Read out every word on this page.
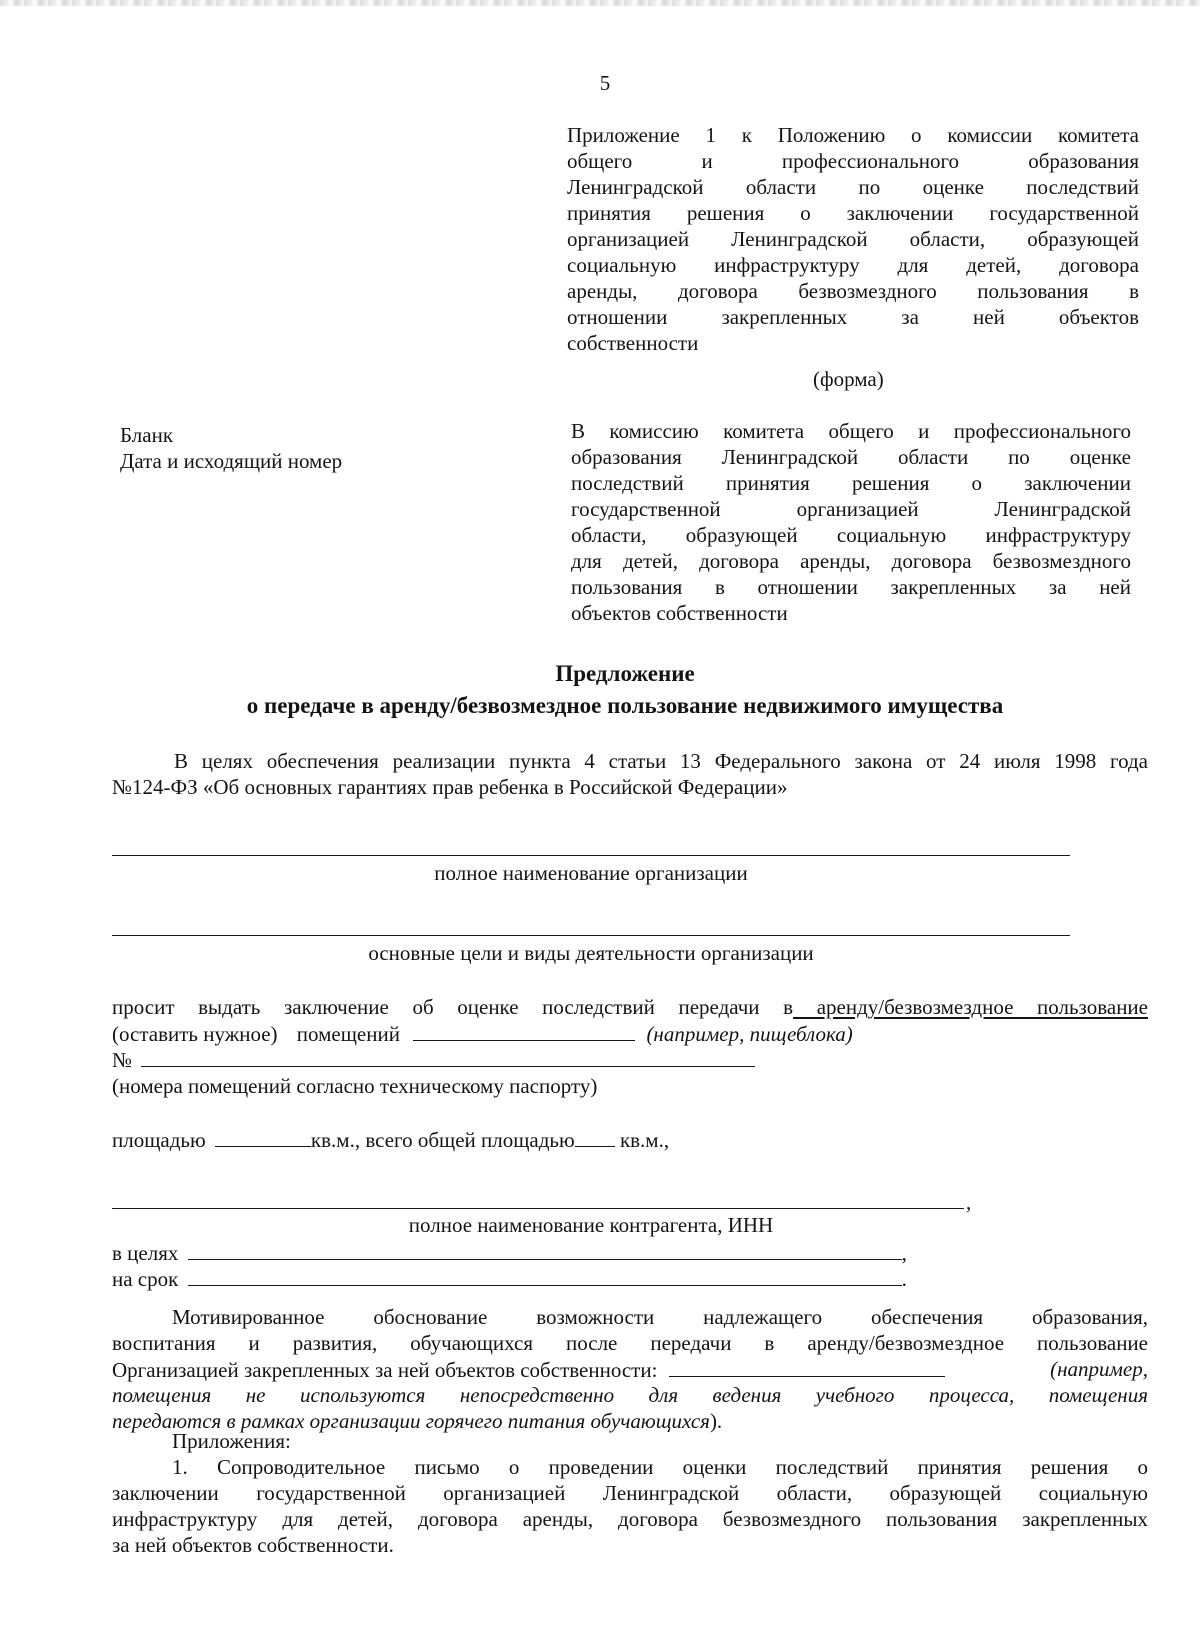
5
Приложение 1 к Положению о комиссии комитета
общего и профессионального образования
Ленинградской области по оценке последствий
принятия решения о заключении государственной
организацией Ленинградской области, образующей
социальную инфраструктуру для детей, договора
аренды, договора безвозмездного пользования в
отношении закрепленных за ней объектов
собственности
(форма)
Бланк
Дата и исходящий номер
В комиссию комитета общего и профессионального
образования Ленинградской области по оценке
последствий принятия решения о заключении
государственной организацией Ленинградской
области, образующей социальную инфраструктуру
для детей, договора аренды, договора безвозмездного
пользования в отношении закрепленных за ней
объектов собственности
Предложение
о передаче в аренду/безвозмездное пользование недвижимого имущества
В целях обеспечения реализации пункта 4 статьи 13 Федерального закона от 24 июля 1998 года
№124-ФЗ «Об основных гарантиях прав ребенка в Российской Федерации»
полное наименование организации
основные цели и виды деятельности организации
просит выдать заключение об оценке последствий передачи в аренду/безвозмездное пользование
(оставить нужное) помещений	(например, пищеблока)
№
(номера помещений согласно техническому паспорту)
площадью	кв.м., всего общей площадью кв.м.,
,
полное наименование контрагента, ИНН
в целях	,
на срок	.
Мотивированное обоснование возможности надлежащего обеспечения образования,
воспитания и развития, обучающихся после передачи в аренду/безвозмездное пользование
Организацией закрепленных за ней объектов собственности:	(например,
помещения не используются непосредственно для ведения учебного процесса, помещения
передаются в рамках организации горячего питания обучающихся).
Приложения:
1. Сопроводительное письмо о проведении оценки последствий принятия решения о
заключении государственной организацией Ленинградской области, образующей социальную
инфраструктуру для детей, договора аренды, договора безвозмездного пользования закрепленных
за ней объектов собственности.
